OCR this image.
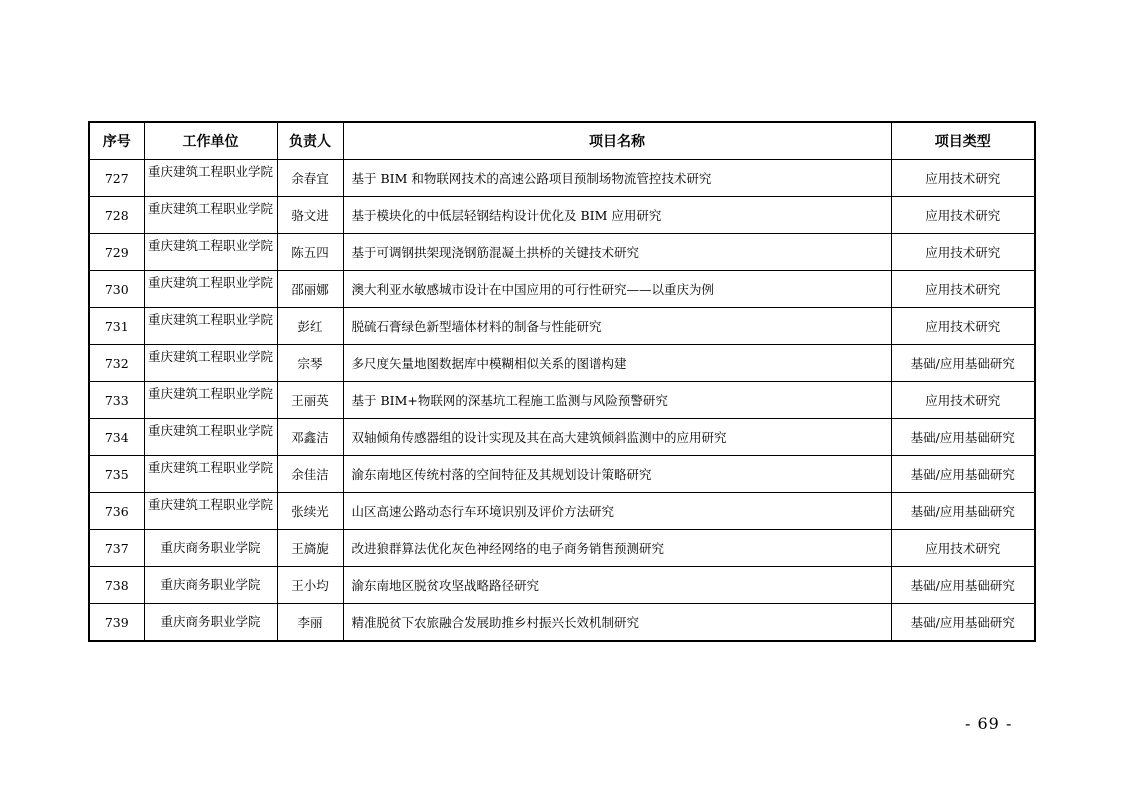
序号	工作单位	负责人	项目名称	项目类型
727	重庆建筑工程职业学院	余春宜	基于 BIM 和物联网技术的高速公路项目预制场物流管控技术研究	应用技术研究
728	重庆建筑工程职业学院	骆文进	基于模块化的中低层轻钢结构设计优化及 BIM 应用研究	应用技术研究
729	重庆建筑工程职业学院	陈五四	基于可调钢拱架现浇钢筋混凝土拱桥的关键技术研究	应用技术研究
730	重庆建筑工程职业学院	邵丽娜	澳大利亚水敏感城市设计在中国应用的可行性研究——以重庆为例	应用技术研究
731	重庆建筑工程职业学院	彭红	脱硫石膏绿色新型墙体材料的制备与性能研究	应用技术研究
732	重庆建筑工程职业学院	宗琴	多尺度矢量地图数据库中模糊相似关系的图谱构建	基础/应用基础研究
733	重庆建筑工程职业学院	王丽英	基于 BIM+物联网的深基坑工程施工监测与风险预警研究	应用技术研究
734	重庆建筑工程职业学院	邓鑫洁	双轴倾角传感器组的设计实现及其在高大建筑倾斜监测中的应用研究	基础/应用基础研究
735	重庆建筑工程职业学院	余佳洁	渝东南地区传统村落的空间特征及其规划设计策略研究	基础/应用基础研究
736	重庆建筑工程职业学院	张续光	山区高速公路动态行车环境识别及评价方法研究	基础/应用基础研究
737	重庆商务职业学院	王旖旎	改进狼群算法优化灰色神经网络的电子商务销售预测研究	应用技术研究
738	重庆商务职业学院	王小均	渝东南地区脱贫攻坚战略路径研究	基础/应用基础研究
739	重庆商务职业学院	李丽	精准脱贫下农旅融合发展助推乡村振兴长效机制研究	基础/应用基础研究
- 69 -
